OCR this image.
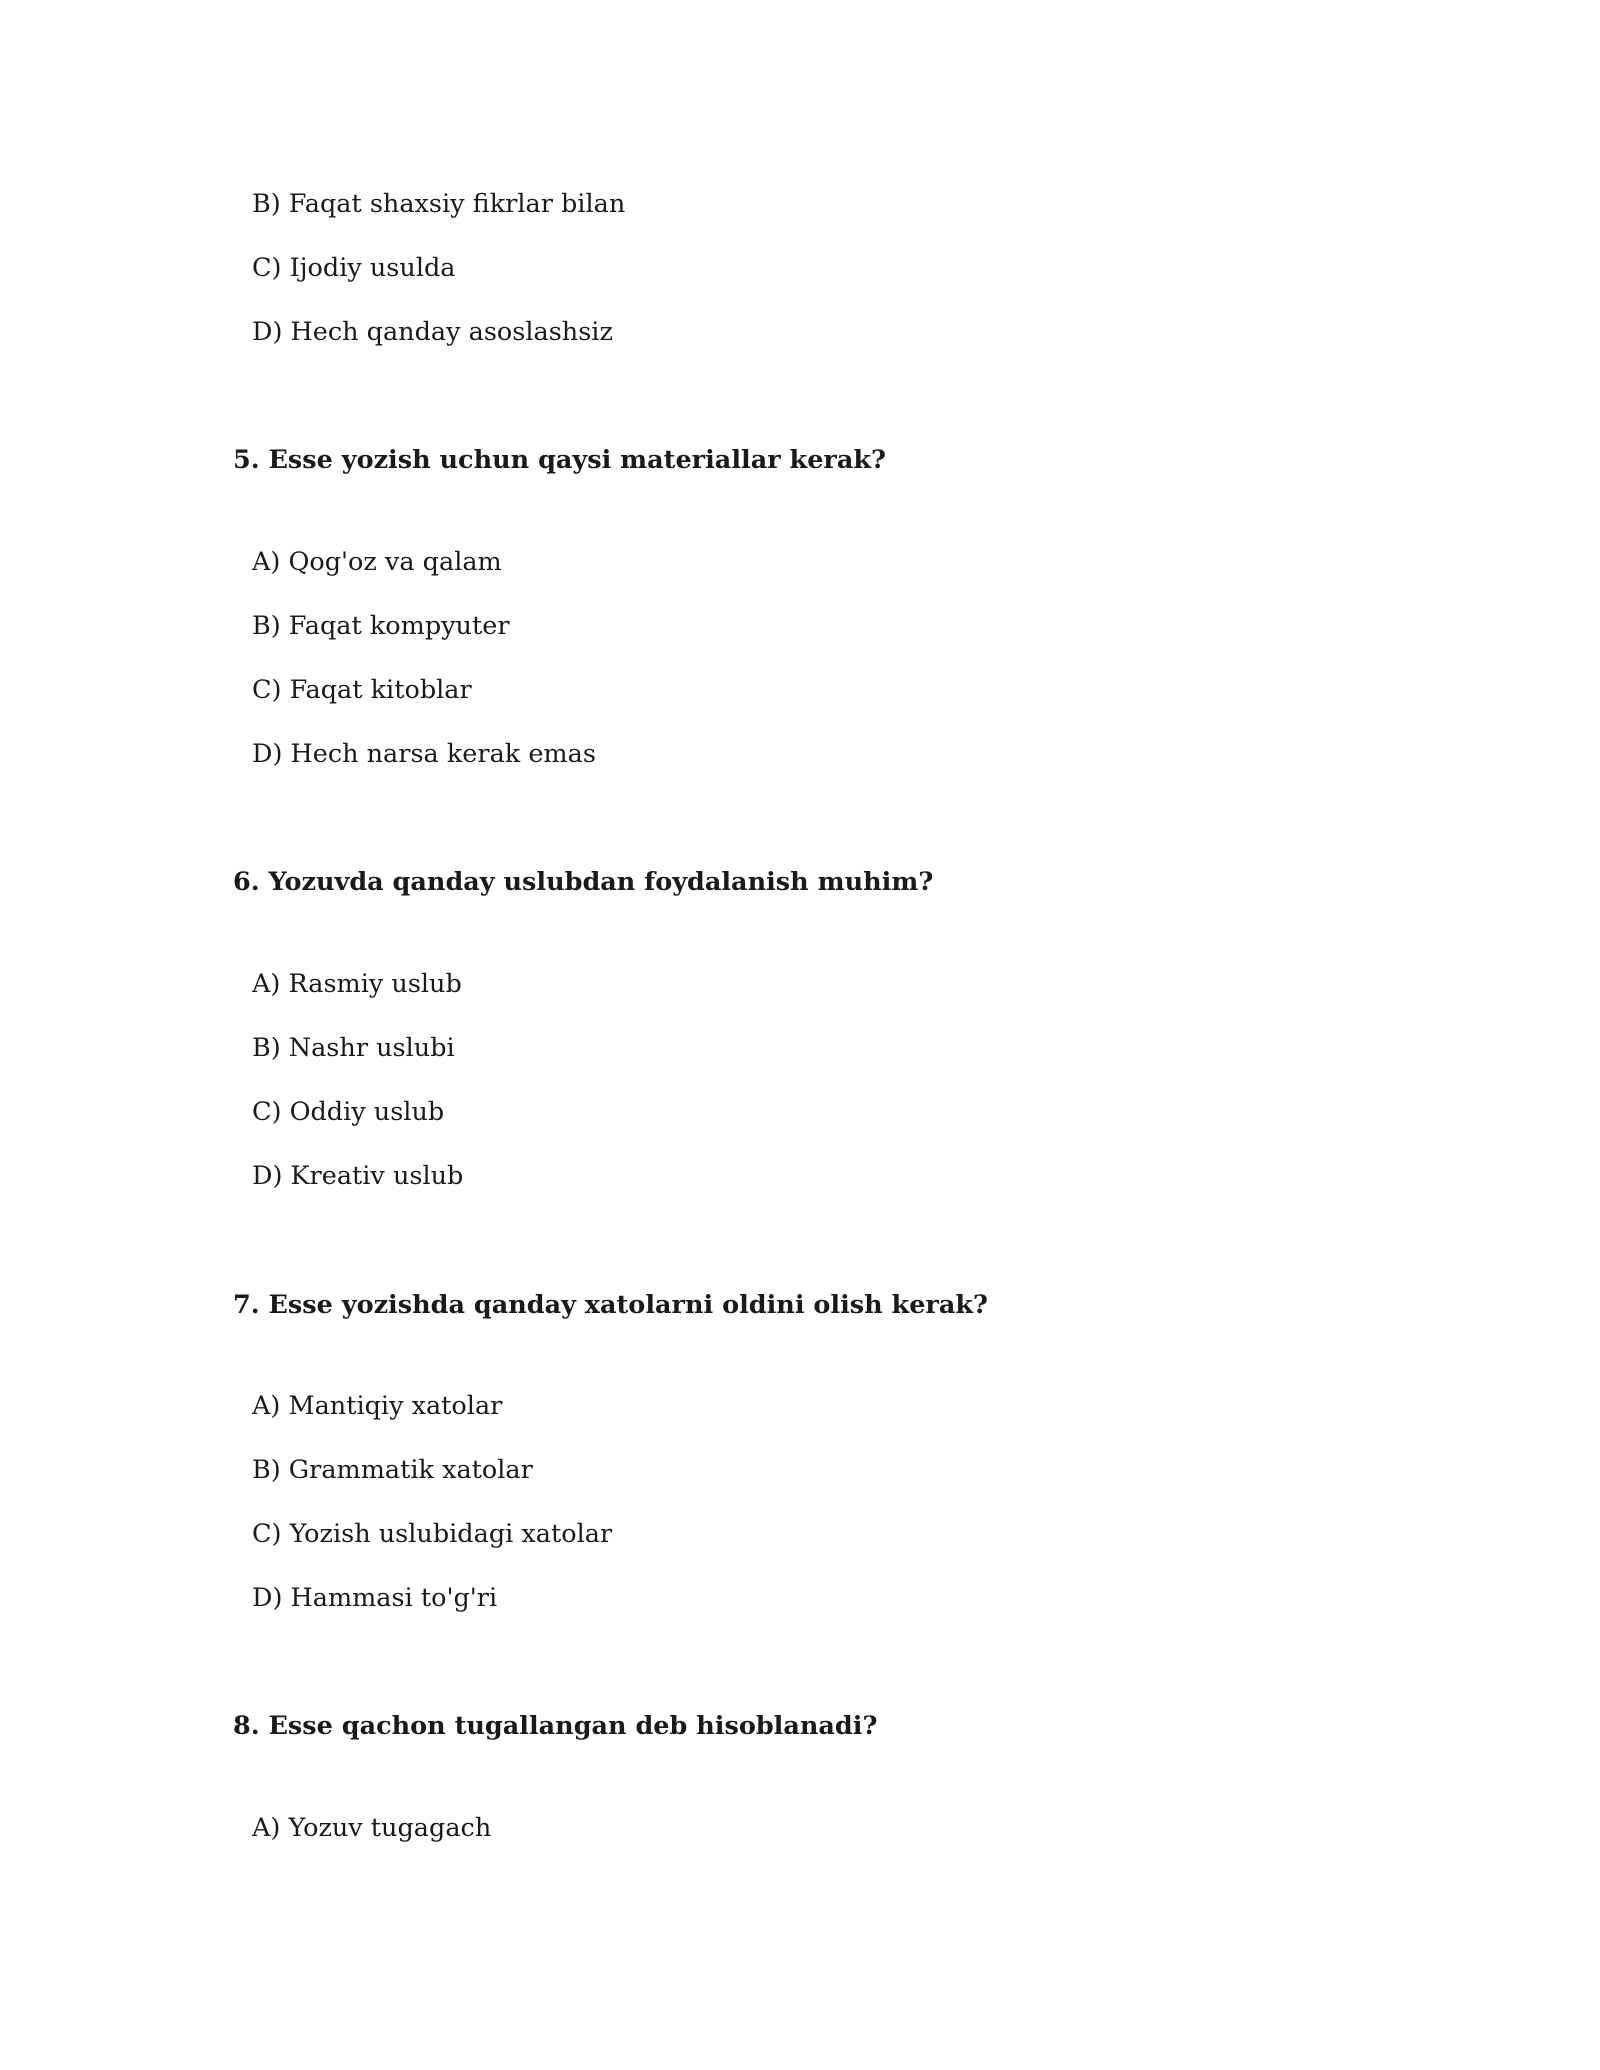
B) Faqat shaxsiy fikrlar bilan
C) Ijodiy usulda
D) Hech qanday asoslashsiz
5. Esse yozish uchun qaysi materiallar kerak?
A) Qog'oz va qalam
B) Faqat kompyuter
C) Faqat kitoblar
D) Hech narsa kerak emas
6. Yozuvda qanday uslubdan foydalanish muhim?
A) Rasmiy uslub
B) Nashr uslubi
C) Oddiy uslub
D) Kreativ uslub
7. Esse yozishda qanday xatolarni oldini olish kerak?
A) Mantiqiy xatolar
B) Grammatik xatolar
C) Yozish uslubidagi xatolar
D) Hammasi to'g'ri
8. Esse qachon tugallangan deb hisoblanadi?
A) Yozuv tugagach
